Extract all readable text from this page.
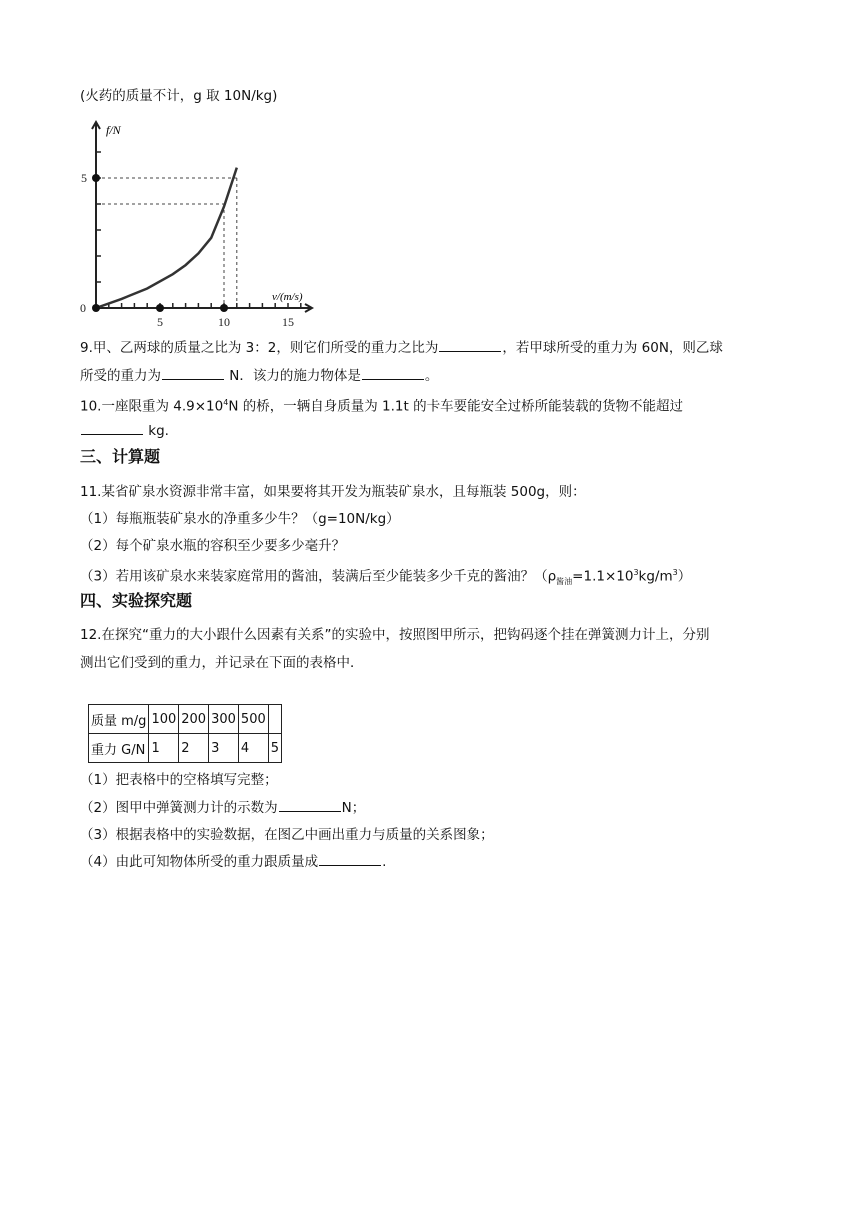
(火药的质量不计，g 取 10N/kg)
f/N
v/(m/s)
0
5	10	15
5
9.甲、乙两球的质量之比为 3：2，则它们所受的重力之比为	，若甲球所受的重力为 60N，则乙球
所受的重力为	N．该力的施力物体是	。
10.一座限重为 $4.9\times 10^4N$ 的桥，一辆自身质量为 1.1t 的卡车要能安全过桥所能装载的货物不能超过
kg.
三、计算题
11.某省矿泉水资源非常丰富，如果要将其开发为瓶装矿泉水，且每瓶装 500g，则：
（1）每瓶瓶装矿泉水的净重多少牛？（g=10N/kg）
（2）每个矿泉水瓶的容积至少要多少毫升？
（3）若用该矿泉水来装家庭常用的酱油，装满后至少能装多少千克的酱油？$(\rho_{酱油}=1.1\times 10^3kg/m^3)$
四、实验探究题
12.在探究“重力的大小跟什么因素有关系”的实验中，按照图甲所示，把钩码逐个挂在弹簧测力计上，分别
测出它们受到的重力，并记录在下面的表格中．
质量 m/g	100	200	300	500	
重力 G/N	1	2	3	4	5
（1）把表格中的空格填写完整；
（2）图甲中弹簧测力计的示数为	N；
（3）根据表格中的实验数据，在图乙中画出重力与质量的关系图象；
（4）由此可知物体所受的重力跟质量成	.
